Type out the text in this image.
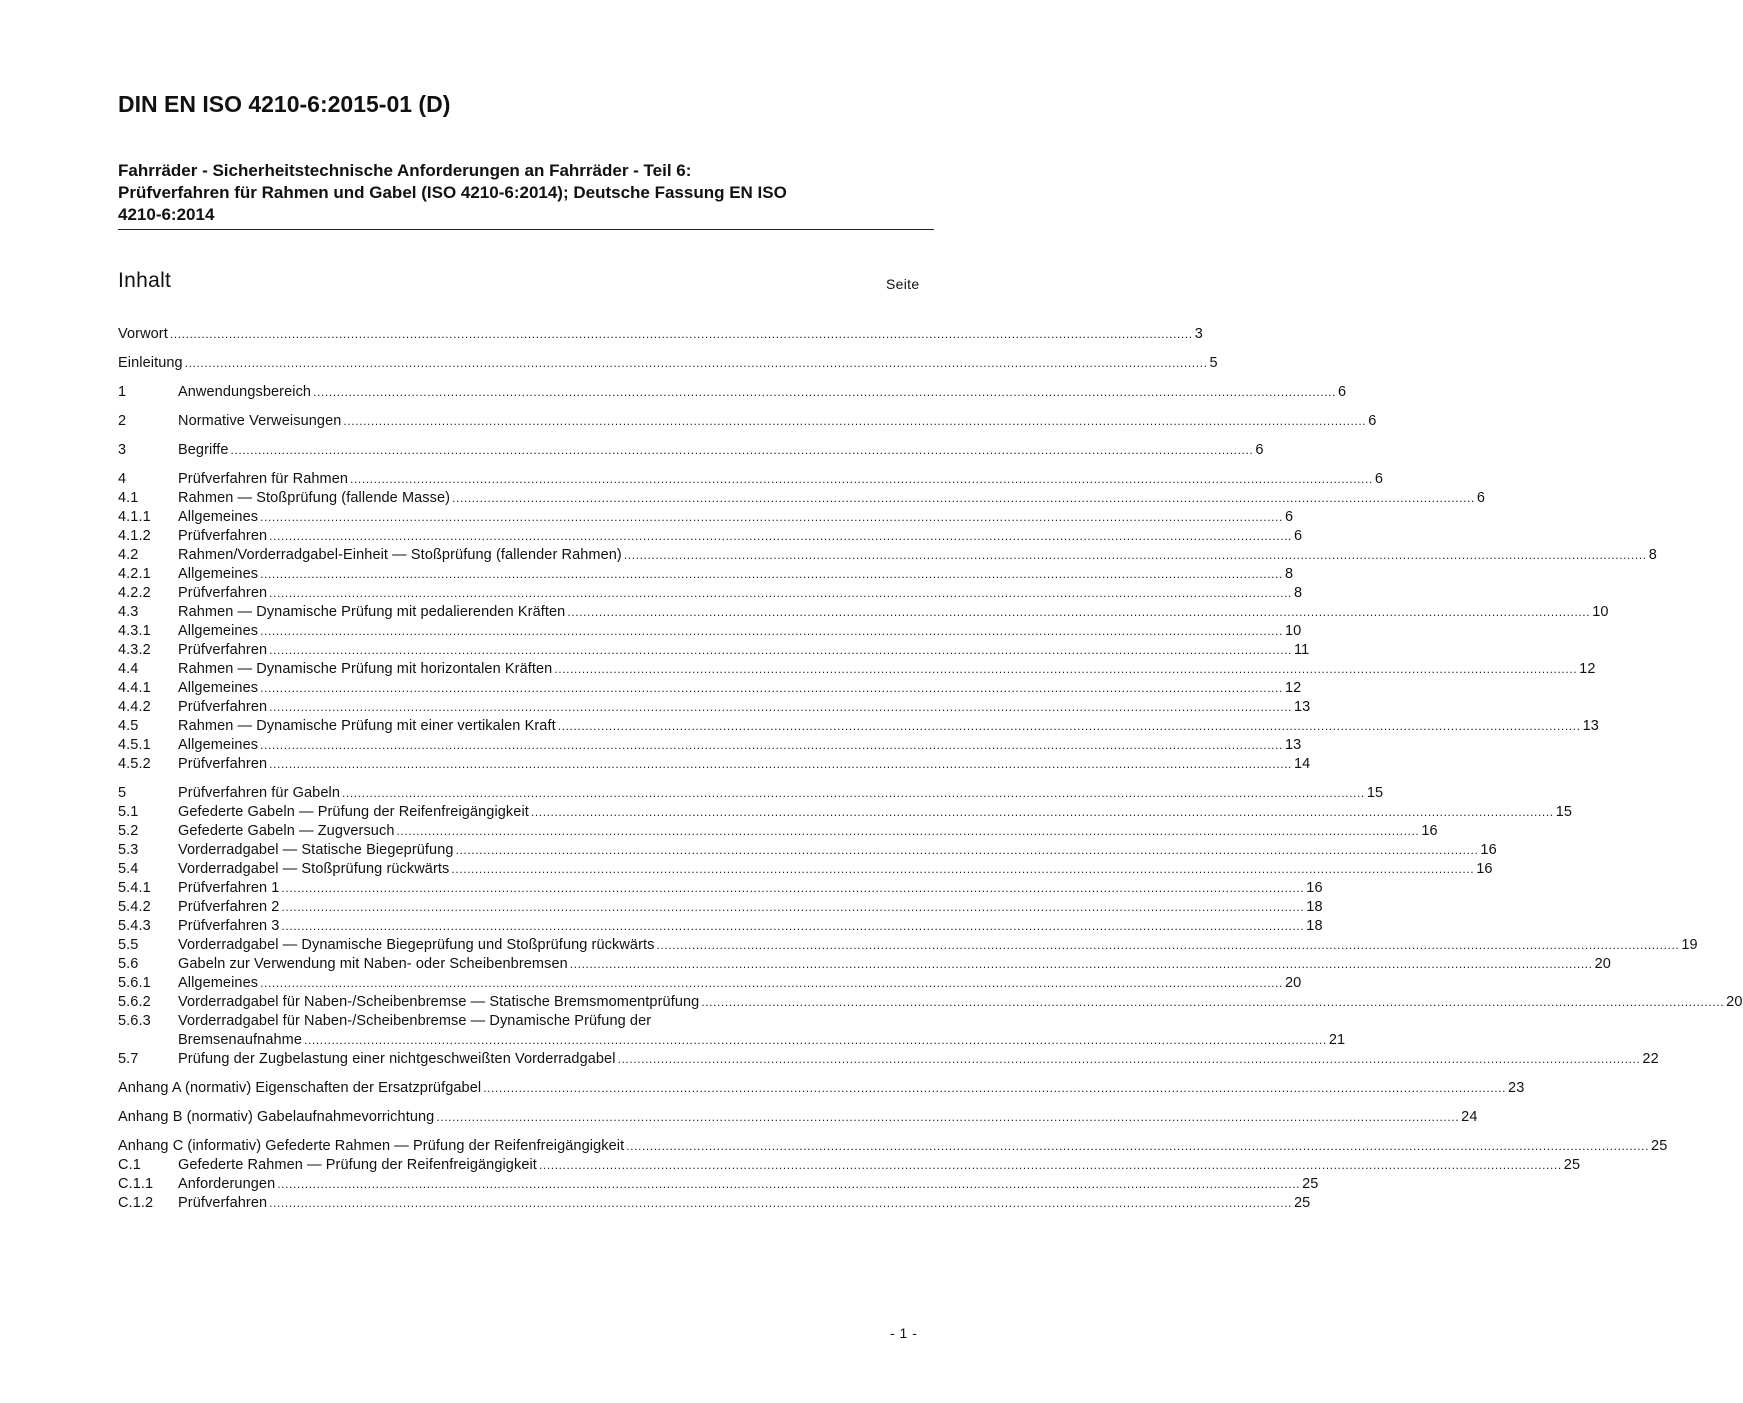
DIN EN ISO 4210-6:2015-01 (D)
Fahrräder - Sicherheitstechnische Anforderungen an Fahrräder - Teil 6:
Prüfverfahren für Rahmen und Gabel (ISO 4210-6:2014); Deutsche Fassung EN ISO
4210-6:2014
Inhalt	Seite
Vorwort .................................................................................................................................................................................................................................................................... 3
Einleitung .................................................................................................................................................................................................................................................................... 5
1	Anwendungsbereich .................................................................................................................................................................................................................................................................... 6
2	Normative Verweisungen .................................................................................................................................................................................................................................................................... 6
3	Begriffe .................................................................................................................................................................................................................................................................... 6
4	Prüfverfahren für Rahmen .................................................................................................................................................................................................................................................................... 6
4.1	Rahmen — Stoßprüfung (fallende Masse) .................................................................................................................................................................................................................................................................... 6
4.1.1	Allgemeines .................................................................................................................................................................................................................................................................... 6
4.1.2	Prüfverfahren .................................................................................................................................................................................................................................................................... 6
4.2	Rahmen/Vorderradgabel-Einheit — Stoßprüfung (fallender Rahmen) .................................................................................................................................................................................................................................................................... 8
4.2.1	Allgemeines .................................................................................................................................................................................................................................................................... 8
4.2.2	Prüfverfahren .................................................................................................................................................................................................................................................................... 8
4.3	Rahmen — Dynamische Prüfung mit pedalierenden Kräften .................................................................................................................................................................................................................................................................... 10
4.3.1	Allgemeines .................................................................................................................................................................................................................................................................... 10
4.3.2	Prüfverfahren .................................................................................................................................................................................................................................................................... 11
4.4	Rahmen — Dynamische Prüfung mit horizontalen Kräften .................................................................................................................................................................................................................................................................... 12
4.4.1	Allgemeines .................................................................................................................................................................................................................................................................... 12
4.4.2	Prüfverfahren .................................................................................................................................................................................................................................................................... 13
4.5	Rahmen — Dynamische Prüfung mit einer vertikalen Kraft .................................................................................................................................................................................................................................................................... 13
4.5.1	Allgemeines .................................................................................................................................................................................................................................................................... 13
4.5.2	Prüfverfahren .................................................................................................................................................................................................................................................................... 14
5	Prüfverfahren für Gabeln .................................................................................................................................................................................................................................................................... 15
5.1	Gefederte Gabeln — Prüfung der Reifenfreigängigkeit .................................................................................................................................................................................................................................................................... 15
5.2	Gefederte Gabeln — Zugversuch .................................................................................................................................................................................................................................................................... 16
5.3	Vorderradgabel — Statische Biegeprüfung .................................................................................................................................................................................................................................................................... 16
5.4	Vorderradgabel — Stoßprüfung rückwärts .................................................................................................................................................................................................................................................................... 16
5.4.1	Prüfverfahren 1 .................................................................................................................................................................................................................................................................... 16
5.4.2	Prüfverfahren 2 .................................................................................................................................................................................................................................................................... 18
5.4.3	Prüfverfahren 3 .................................................................................................................................................................................................................................................................... 18
5.5	Vorderradgabel — Dynamische Biegeprüfung und Stoßprüfung rückwärts .................................................................................................................................................................................................................................................................... 19
5.6	Gabeln zur Verwendung mit Naben- oder Scheibenbremsen .................................................................................................................................................................................................................................................................... 20
5.6.1	Allgemeines .................................................................................................................................................................................................................................................................... 20
5.6.2	Vorderradgabel für Naben-/Scheibenbremse — Statische Bremsmomentprüfung .................................................................................................................................................................................................................................................................... 20
5.6.3	Vorderradgabel für Naben-/Scheibenbremse — Dynamische Prüfung der
Bremsenaufnahme .................................................................................................................................................................................................................................................................... 21
5.7	Prüfung der Zugbelastung einer nichtgeschweißten Vorderradgabel .................................................................................................................................................................................................................................................................... 22
Anhang A (normativ) Eigenschaften der Ersatzprüfgabel .................................................................................................................................................................................................................................................................... 23
Anhang B (normativ) Gabelaufnahmevorrichtung .................................................................................................................................................................................................................................................................... 24
Anhang C (informativ) Gefederte Rahmen — Prüfung der Reifenfreigängigkeit .................................................................................................................................................................................................................................................................... 25
C.1	Gefederte Rahmen — Prüfung der Reifenfreigängigkeit .................................................................................................................................................................................................................................................................... 25
C.1.1	Anforderungen .................................................................................................................................................................................................................................................................... 25
C.1.2	Prüfverfahren .................................................................................................................................................................................................................................................................... 25
- 1 -
